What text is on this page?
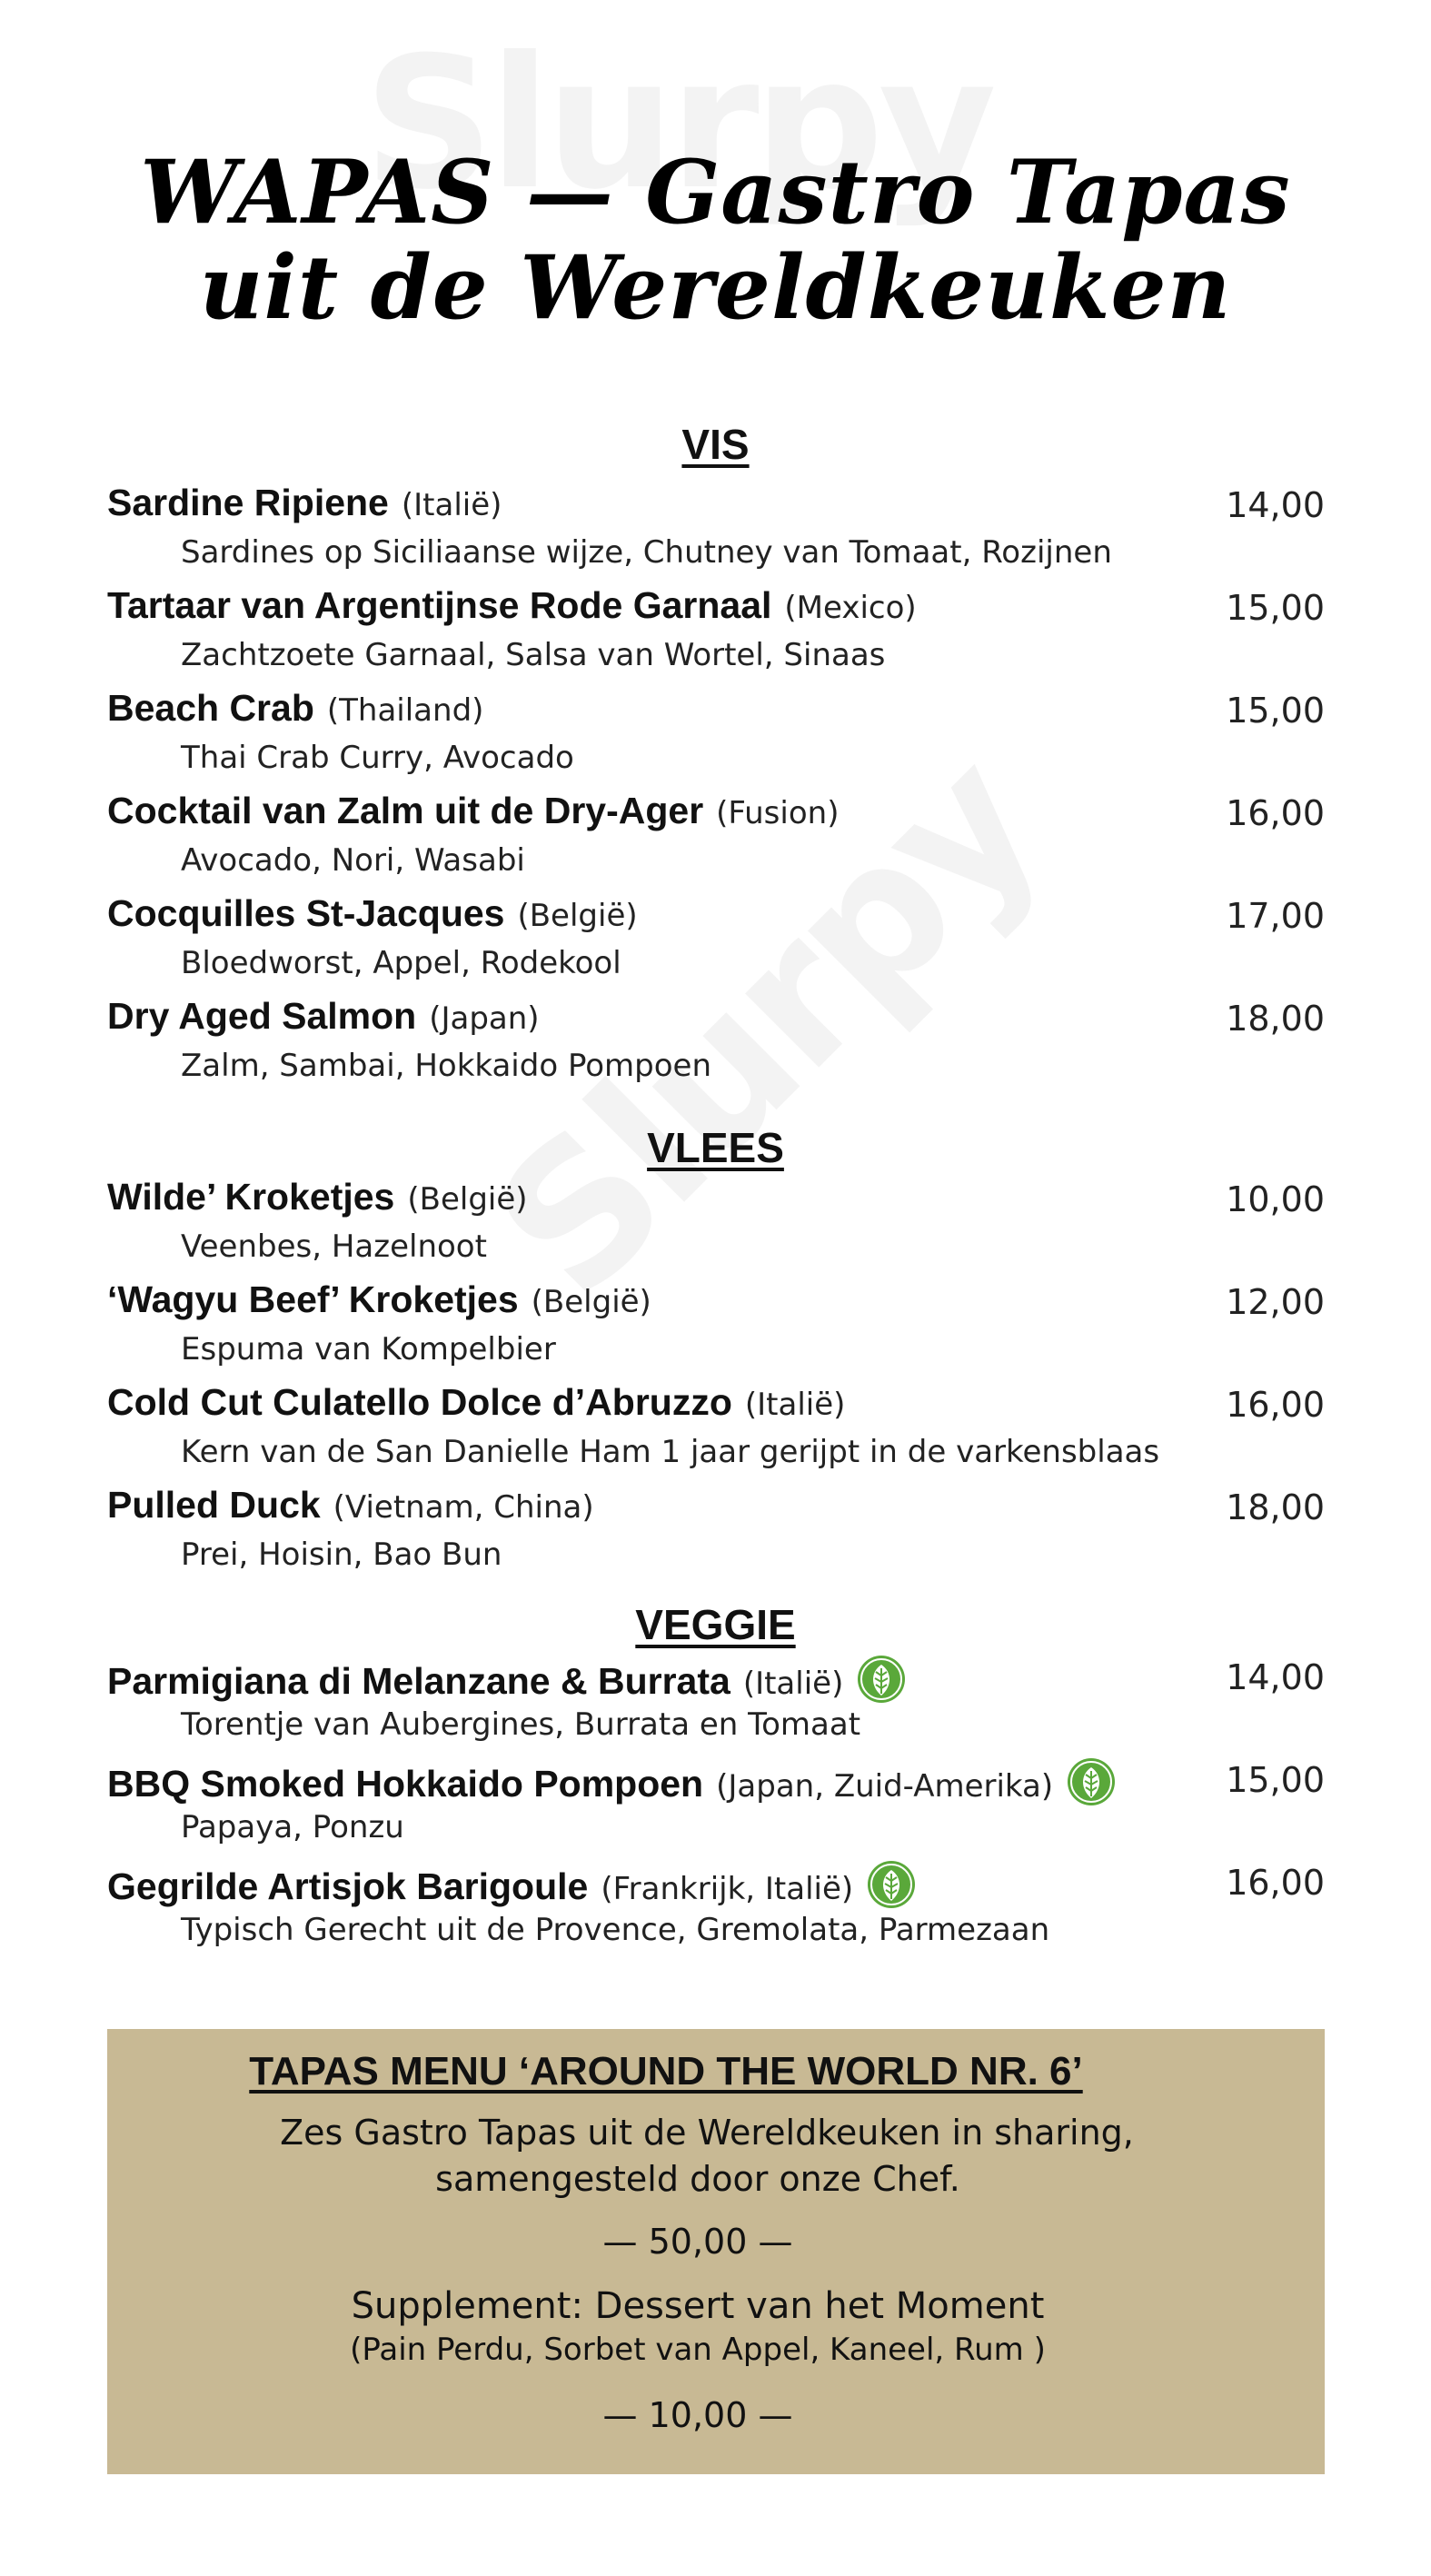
WAPAS — Gastro Tapas
uit de Wereldkeuken
VIS
Sardine Ripiene (Italië)	14,00
Sardines op Siciliaanse wijze, Chutney van Tomaat, Rozijnen
Tartaar van Argentijnse Rode Garnaal (Mexico)	15,00
Zachtzoete Garnaal, Salsa van Wortel, Sinaas
Beach Crab (Thailand)	15,00
Thai Crab Curry, Avocado
Cocktail van Zalm uit de Dry-Ager (Fusion)	16,00
Avocado, Nori, Wasabi
Cocquilles St-Jacques (België)	17,00
Bloedworst, Appel, Rodekool
Dry Aged Salmon (Japan)	18,00
Zalm, Sambai, Hokkaido Pompoen
VLEES
Wilde’ Kroketjes (België)	10,00
Veenbes, Hazelnoot
‘Wagyu Beef’ Kroketjes (België)	12,00
Espuma van Kompelbier
Cold Cut Culatello Dolce d’Abruzzo (Italië)	16,00
Kern van de San Danielle Ham 1 jaar gerijpt in de varkensblaas
Pulled Duck (Vietnam, China)	18,00
Prei, Hoisin, Bao Bun
VEGGIE
Parmigiana di Melanzane & Burrata (Italië)	14,00
Torentje van Aubergines, Burrata en Tomaat
BBQ Smoked Hokkaido Pompoen (Japan, Zuid-Amerika)	15,00
Papaya, Ponzu
Gegrilde Artisjok Barigoule (Frankrijk, Italië)	16,00
Typisch Gerecht uit de Provence, Gremolata, Parmezaan
TAPAS MENU ‘AROUND THE WORLD NR. 6’
Zes Gastro Tapas uit de Wereldkeuken in sharing,
samengesteld door onze Chef.
— 50,00 —
Supplement: Dessert van het Moment
(Pain Perdu, Sorbet van Appel, Kaneel, Rum )
— 10,00 —
